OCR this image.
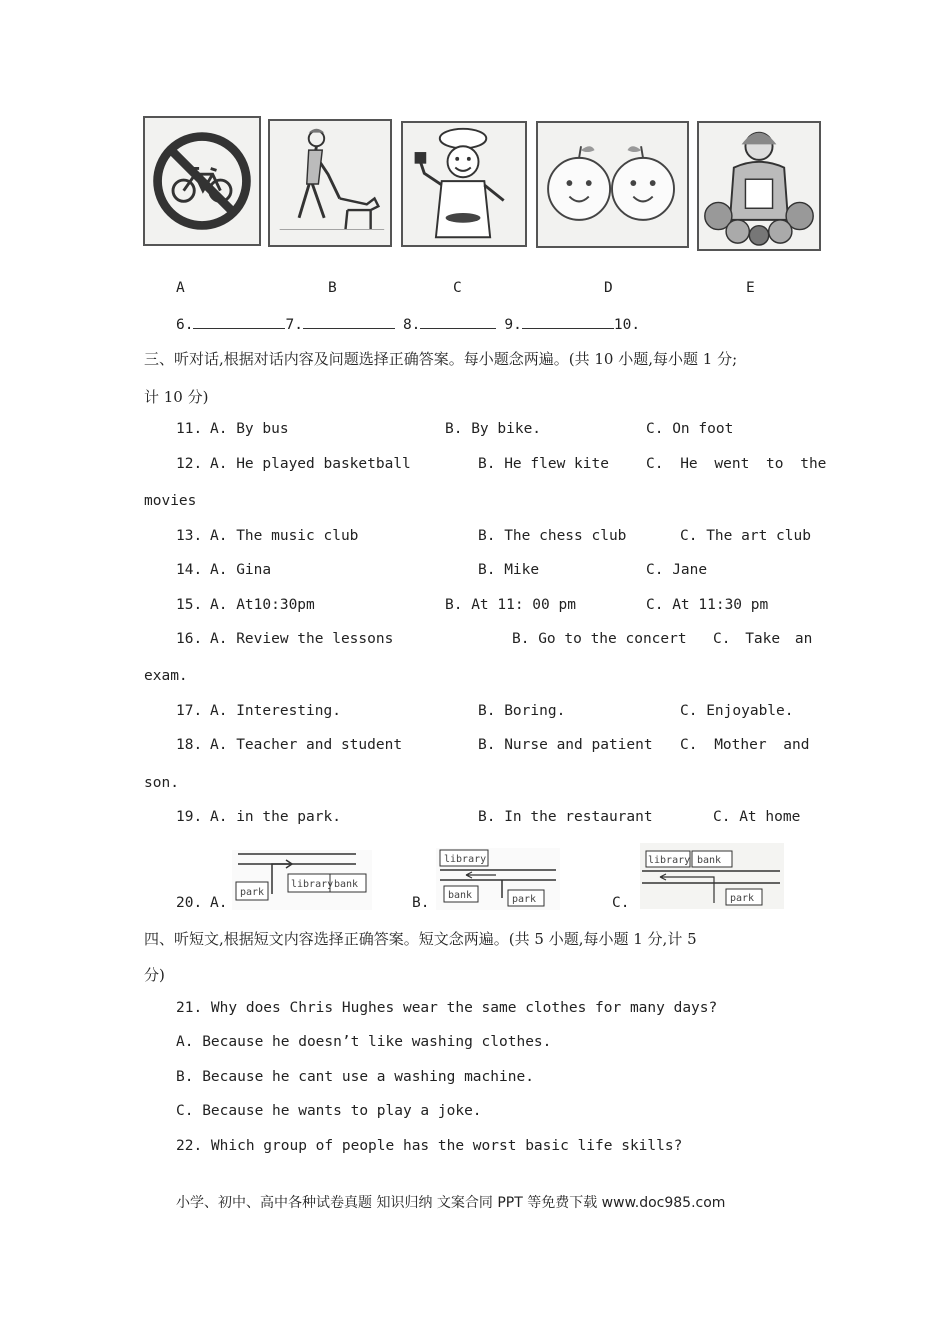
A	B	C	D	E
6.	7.	8.	9.	10.
三、听对话,根据对话内容及问题选择正确答案。每小题念两遍。(共 10 小题,每小题 1 分;
计 10 分)
11. A. By bus	B. By bike.	C. On foot
12. A. He played basketball	B. He flew kite	C. He went to the
movies
13. A. The music club	B. The chess club	C. The art club
14. A. Gina	B. Mike	C. Jane
15. A. At10:30pm	B. At 11: 00 pm	C. At 11:30 pm
16. A. Review the lessons	B. Go to the concert C. Take an
exam.
17. A. Interesting.	B. Boring.	C. Enjoyable.
18. A. Teacher and student	B. Nurse and patient C. Mother and
son.
19. A. in the park.	B. In the restaurant	C. At home
20. A.
park
library bank
B.
library
bank	park	C.
library bank
park
四、听短文,根据短文内容选择正确答案。短文念两遍。(共 5 小题,每小题 1 分,计 5
分)
21. Why does Chris Hughes wear the same clothes for many days?
A. Because he doesn’t like washing clothes.
B. Because he cant use a washing machine.
C. Because he wants to play a joke.
22. Which group of people has the worst basic life skills?
小学、初中、高中各种试卷真题 知识归纳 文案合同 PPT 等免费下载 www.doc985.com
